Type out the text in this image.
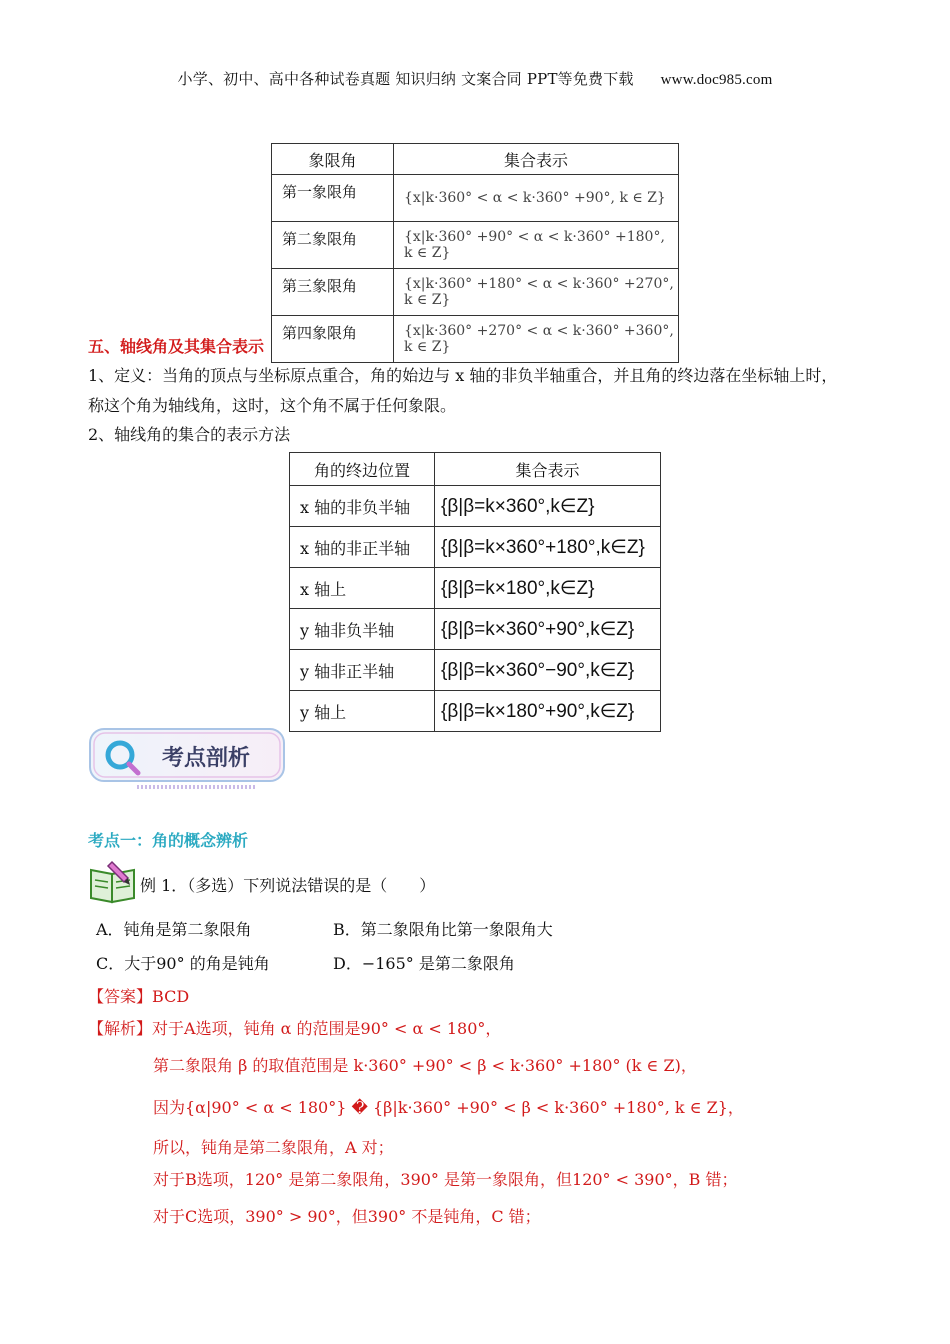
小学、初中、高中各种试卷真题 知识归纳 文案合同 PPT等免费下载 www.doc985.com
象限角	集合表示
第一象限角	{x|k·360° < α < k·360° +90°, k ∈ Z}
第二象限角	{x|k·360° +90° < α < k·360° +180°, k ∈ Z}
第三象限角	{x|k·360° +180° < α < k·360° +270°, k ∈ Z}
第四象限角	{x|k·360° +270° < α < k·360° +360°, k ∈ Z}
五、轴线角及其集合表示
1、定义：当角的顶点与坐标原点重合，角的始边与 x 轴的非负半轴重合，并且角的终边落在坐标轴上时，
称这个角为轴线角，这时，这个角不属于任何象限。
2、轴线角的集合的表示方法
角的终边位置	集合表示
x 轴的非负半轴	{β|β=k×360°,k∈Z}
x 轴的非正半轴	{β|β=k×360°+180°,k∈Z}
x 轴上	{β|β=k×180°,k∈Z}
y 轴非负半轴	{β|β=k×360°+90°,k∈Z}
y 轴非正半轴	{β|β=k×360°−90°,k∈Z}
y 轴上	{β|β=k×180°+90°,k∈Z}
考点剖析
考点一：角的概念辨析
例 1．（多选）下列说法错误的是（　　）
A．钝角是第二象限角	B．第二象限角比第一象限角大
C．大于90° 的角是钝角	D．−165° 是第二象限角
【答案】BCD
【解析】对于A选项，钝角 α 的范围是90° < α < 180°，
第二象限角 β 的取值范围是 k·360° +90° < β < k·360° +180° (k ∈ Z)，
因为{α|90° < α < 180°} � {β|k·360° +90° < β < k·360° +180°, k ∈ Z}，
所以，钝角是第二象限角，A 对；
对于B选项，120° 是第二象限角，390° 是第一象限角，但120° < 390°，B 错；
对于C选项，390° > 90°，但390° 不是钝角，C 错；
